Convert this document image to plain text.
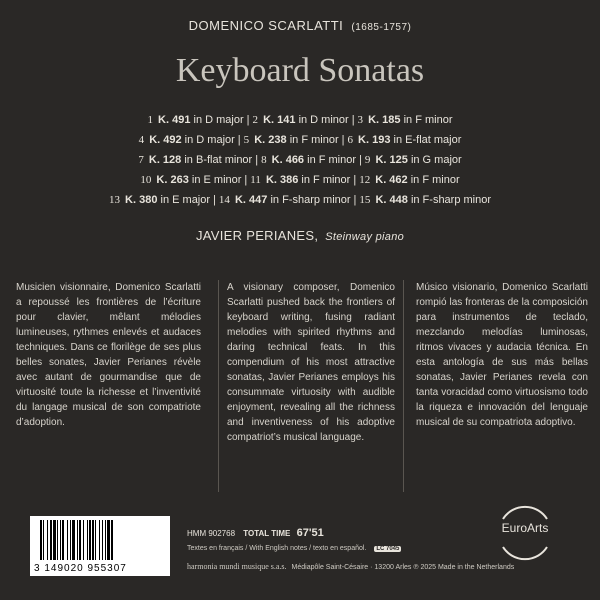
DOMENICO SCARLATTI (1685-1757)
Keyboard Sonatas
1 K. 491 in D major | 2 K. 141 in D minor | 3 K. 185 in F minor
4 K. 492 in D major | 5 K. 238 in F minor | 6 K. 193 in E-flat major
7 K. 128 in B-flat minor | 8 K. 466 in F minor | 9 K. 125 in G major
10 K. 263 in E minor | 11 K. 386 in F minor | 12 K. 462 in F minor
13 K. 380 in E major | 14 K. 447 in F-sharp minor | 15 K. 448 in F-sharp minor
JAVIER PERIANES, Steinway piano
Musicien visionnaire, Domenico Scarlatti a repoussé les frontières de l’écriture pour clavier, mêlant mélodies lumineuses, rythmes enlevés et audaces techniques. Dans ce florilège de ses plus belles sonates, Javier Perianes révèle avec autant de gourmandise que de virtuosité toute la richesse et l’inventivité du langage musical de son compatriote d’adoption.
A visionary composer, Domenico Scarlatti pushed back the frontiers of keyboard writing, fusing radiant melodies with spirited rhythms and daring technical feats. In this compendium of his most attractive sonatas, Javier Perianes employs his consummate virtuosity with audible enjoyment, revealing all the richness and inventiveness of his adoptive compatriot’s musical language.
Músico visionario, Domenico Scarlatti rompió las fronteras de la composición para instrumentos de teclado, mezclando melodías luminosas, ritmos vivaces y audacia técnica. En esta antología de sus más bellas sonatas, Javier Perianes revela con tanta voracidad como virtuosismo todo la riqueza e innovación del lenguaje musical de su compatriota adoptivo.
3 149020 955307
HMM 902768 TOTAL TIME 67'51
Textes en français / With English notes / texto en español. LC 7045
harmonia mundi musique s.a.s. Médiapôle Saint-Césaire · 13200 Arles ℗ 2025 Made in the Netherlands
EuroArts
